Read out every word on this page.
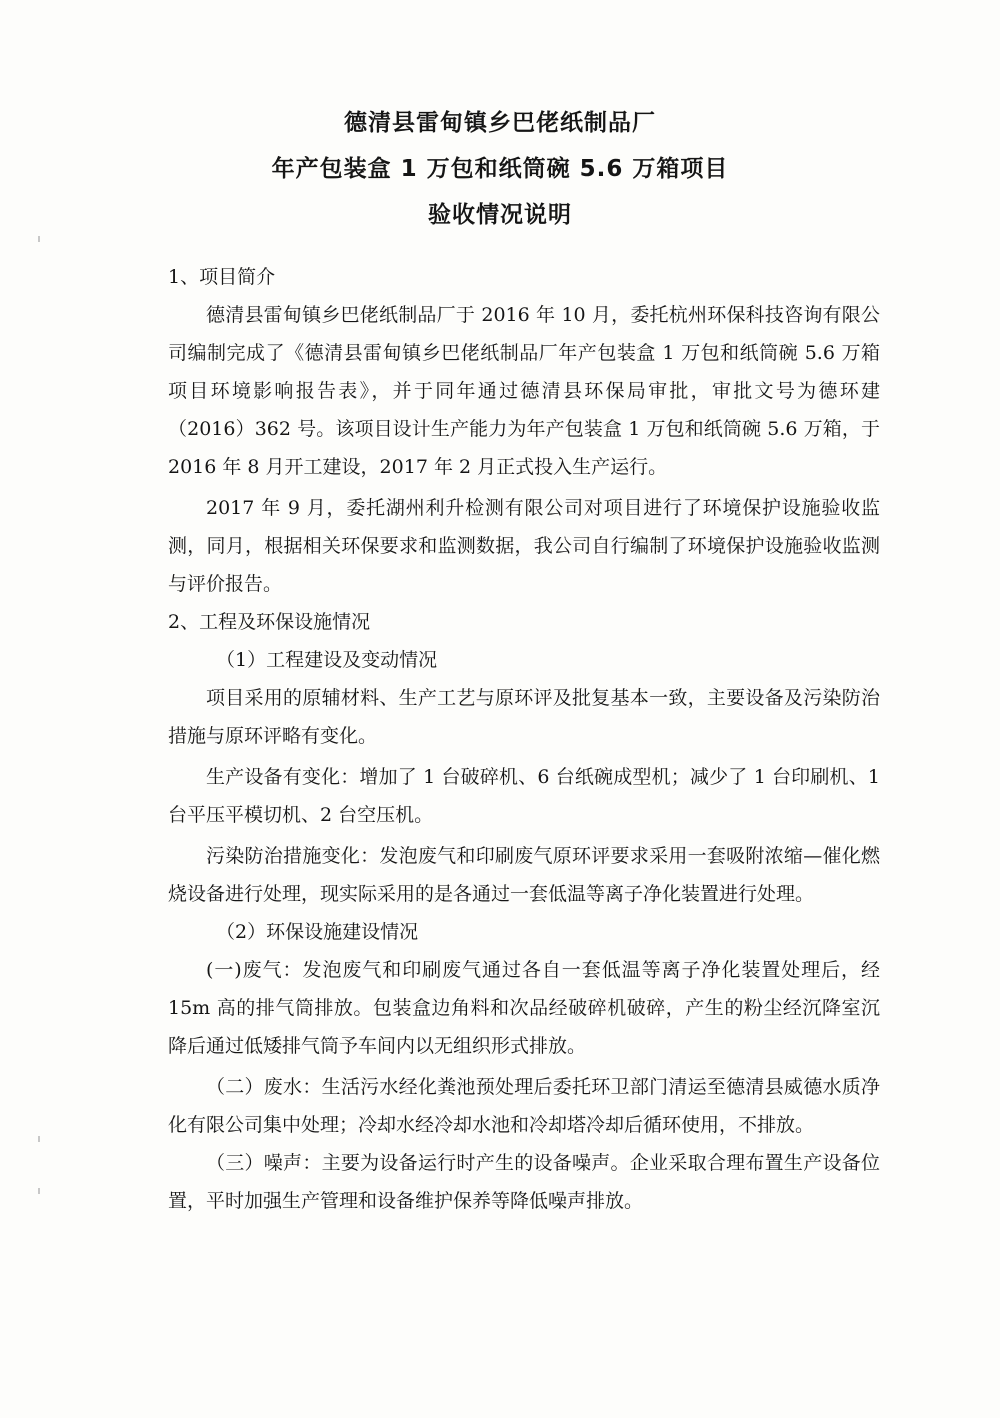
德清县雷甸镇乡巴佬纸制品厂
年产包装盒 1 万包和纸筒碗 5.6 万箱项目
验收情况说明

1、项目简介

德清县雷甸镇乡巴佬纸制品厂于 2016 年 10 月，委托杭州环保科技咨询有限公司编制完成了《德清县雷甸镇乡巴佬纸制品厂年产包装盒 1 万包和纸筒碗 5.6 万箱项目环境影响报告表》，并于同年通过德清县环保局审批，审批文号为德环建（2016）362 号。该项目设计生产能力为年产包装盒 1 万包和纸筒碗 5.6 万箱，于 2016 年 8 月开工建设，2017 年 2 月正式投入生产运行。

2017 年 9 月，委托湖州利升检测有限公司对项目进行了环境保护设施验收监测，同月，根据相关环保要求和监测数据，我公司自行编制了环境保护设施验收监测与评价报告。

2、工程及环保设施情况

（1）工程建设及变动情况

项目采用的原辅材料、生产工艺与原环评及批复基本一致，主要设备及污染防治措施与原环评略有变化。

生产设备有变化：增加了 1 台破碎机、6 台纸碗成型机；减少了 1 台印刷机、1 台平压平模切机、2 台空压机。

污染防治措施变化：发泡废气和印刷废气原环评要求采用一套吸附浓缩—催化燃烧设备进行处理，现实际采用的是各通过一套低温等离子净化装置进行处理。

（2）环保设施建设情况

(一)废气：发泡废气和印刷废气通过各自一套低温等离子净化装置处理后，经 15m 高的排气筒排放。包装盒边角料和次品经破碎机破碎，产生的粉尘经沉降室沉降后通过低矮排气筒予车间内以无组织形式排放。

（二）废水：生活污水经化粪池预处理后委托环卫部门清运至德清县威德水质净化有限公司集中处理；冷却水经冷却水池和冷却塔冷却后循环使用，不排放。

（三）噪声：主要为设备运行时产生的设备噪声。企业采取合理布置生产设备位置，平时加强生产管理和设备维护保养等降低噪声排放。
